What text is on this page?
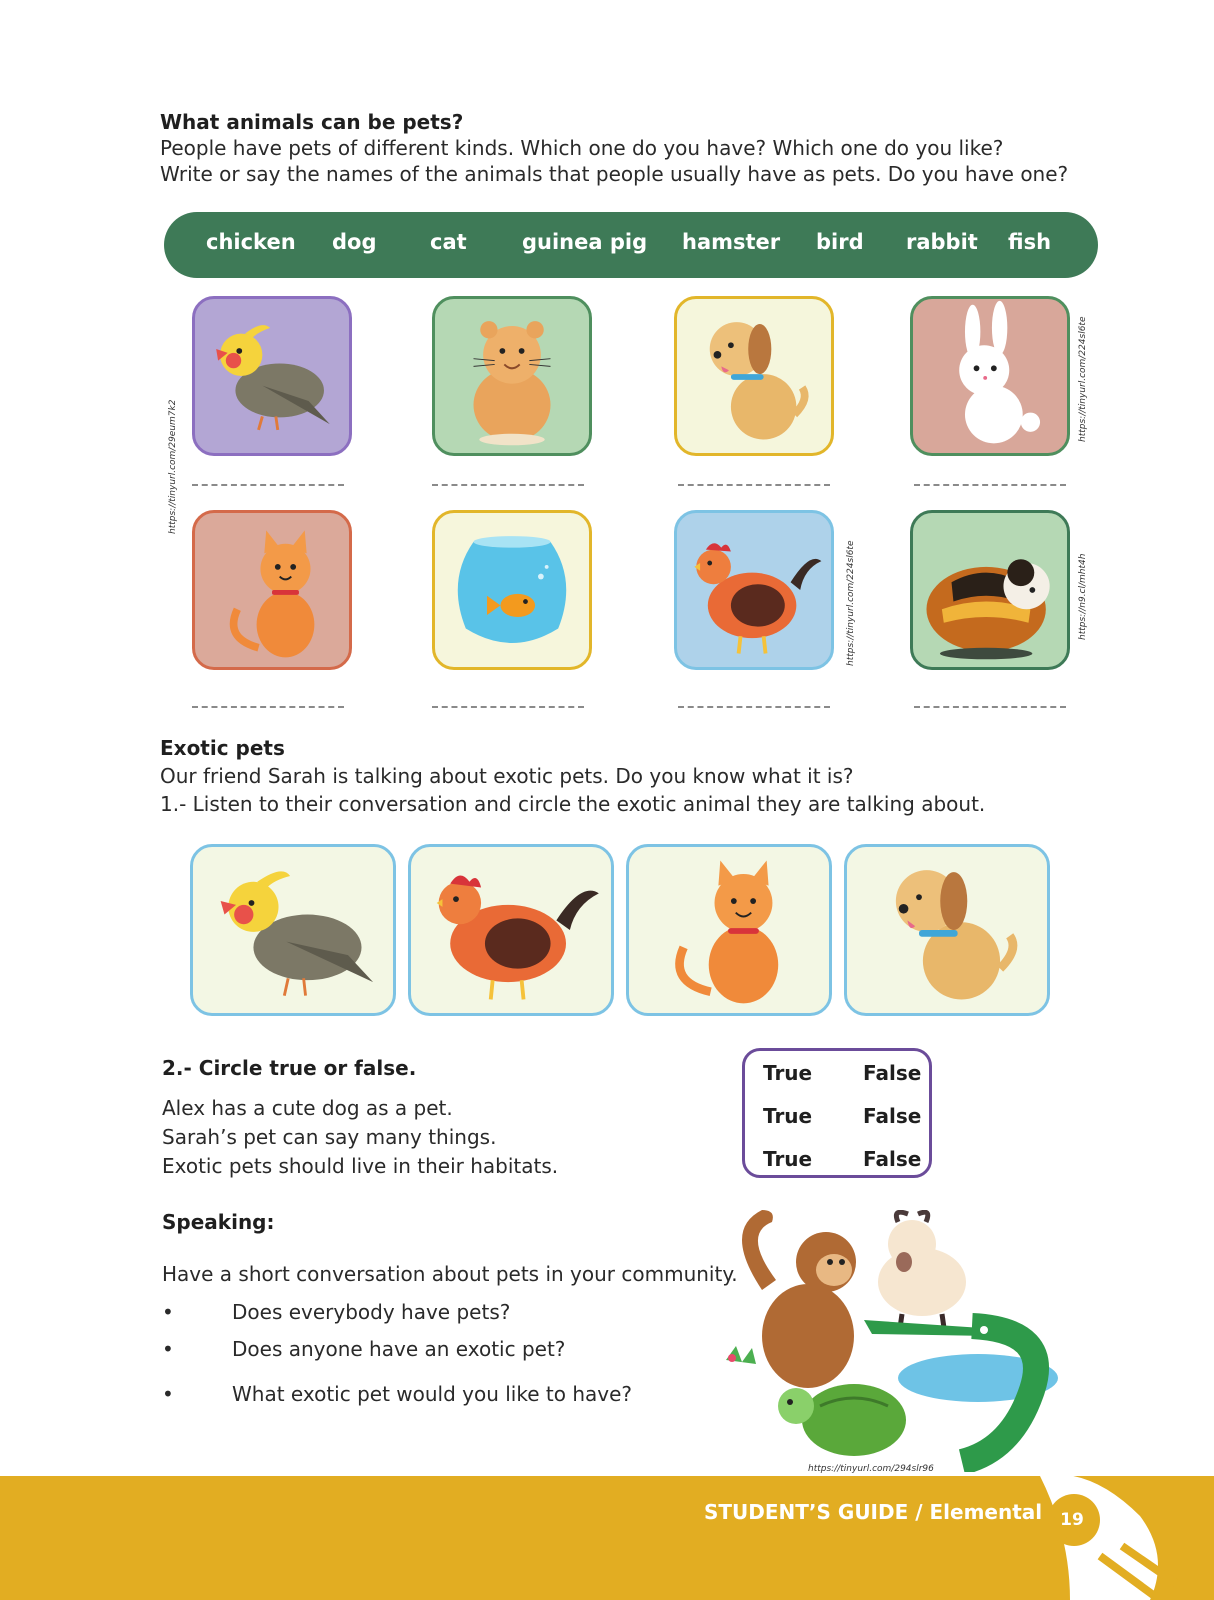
What animals can be pets?
People have pets of different kinds. Which one do you have? Which one do you like?
Write or say the names of the animals that people usually have as pets. Do you have one?
chicken dog	cat	guinea pig hamster bird rabbit fish
https://tinyurl.com/29eum7k2
https://tinyurl.com/224sl6te
https://tinyurl.com/224sl6te	https://n9.cl/mht4h
Exotic pets
Our friend Sarah is talking about exotic pets. Do you know what it is?
1.- Listen to their conversation and circle the exotic animal they are talking about.
2.- Circle true or false.
Alex has a cute dog as a pet.
Sarah’s pet can say many things.
Exotic pets should live in their habitats.
True	False
True	False
True	False
Speaking:
Have a short conversation about pets in your community.
•	Does everybody have pets?
•	Does anyone have an exotic pet?
•	What exotic pet would you like to have?
https://tinyurl.com/294slr96
STUDENT’S GUIDE / Elemental	19
